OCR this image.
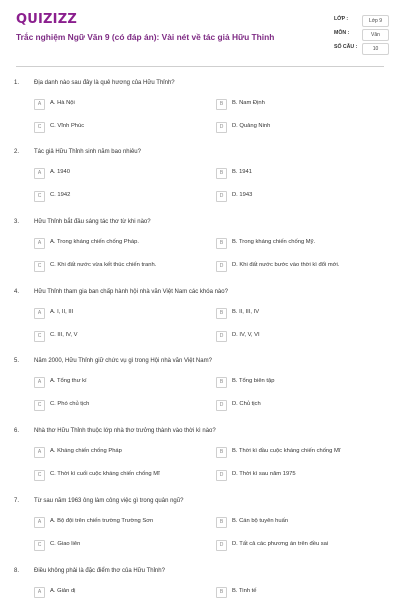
QUIZIZZ
Trắc nghiệm Ngữ Văn 9 (có đáp án): Vài nét về tác giả Hữu Thỉnh
LỚP :	Lớp 9
MÔN :	Văn
SỐ CÂU :	10
1. Địa danh nào sau đây là quê hương của Hữu Thỉnh?
A	A. Hà Nội	B	B. Nam Định
C	C. Vĩnh Phúc	D	D. Quảng Ninh
2. Tác giả Hữu Thỉnh sinh năm bao nhiêu?
A	A. 1940	B	B. 1941
C	C. 1942	D	D. 1943
3. Hữu Thỉnh bắt đầu sáng tác thơ từ khi nào?
A	A. Trong kháng chiến chống Pháp.	B	B. Trong kháng chiến chống Mỹ.
C	C. Khi đất nước vừa kết thúc chiến tranh.	D	D. Khi đất nước bước vào thời kì đổi mới.
4. Hữu Thỉnh tham gia ban chấp hành hội nhà văn Việt Nam các khóa nào?
A	A. I, II, III	B	B. II, III, IV
C	C. III, IV, V	D	D. IV, V, VI
5. Năm 2000, Hữu Thỉnh giữ chức vụ gì trong Hội nhà văn Việt Nam?
A	A. Tổng thư kí	B	B. Tổng biên tập
C	C. Phó chủ tịch	D	D. Chủ tịch
6. Nhà thơ Hữu Thỉnh thuộc lớp nhà thơ trưởng thành vào thời kì nào?
A	A. Kháng chiến chống Pháp	B	B. Thời kì đầu cuộc kháng chiến chống Mĩ
C	C. Thời kì cuối cuộc kháng chiến chống Mĩ	D	D. Thời kì sau năm 1975
7. Từ sau năm 1963 ông làm công việc gì trong quân ngũ?
A	A. Bộ đội trên chiến trường Trường Sơn	B	B. Cán bộ tuyên huấn
C	C. Giao liên	D	D. Tất cả các phương án trên đều sai
8. Điều không phải là đặc điểm thơ của Hữu Thỉnh?
A	A. Giản dị	B	B. Tinh tế
